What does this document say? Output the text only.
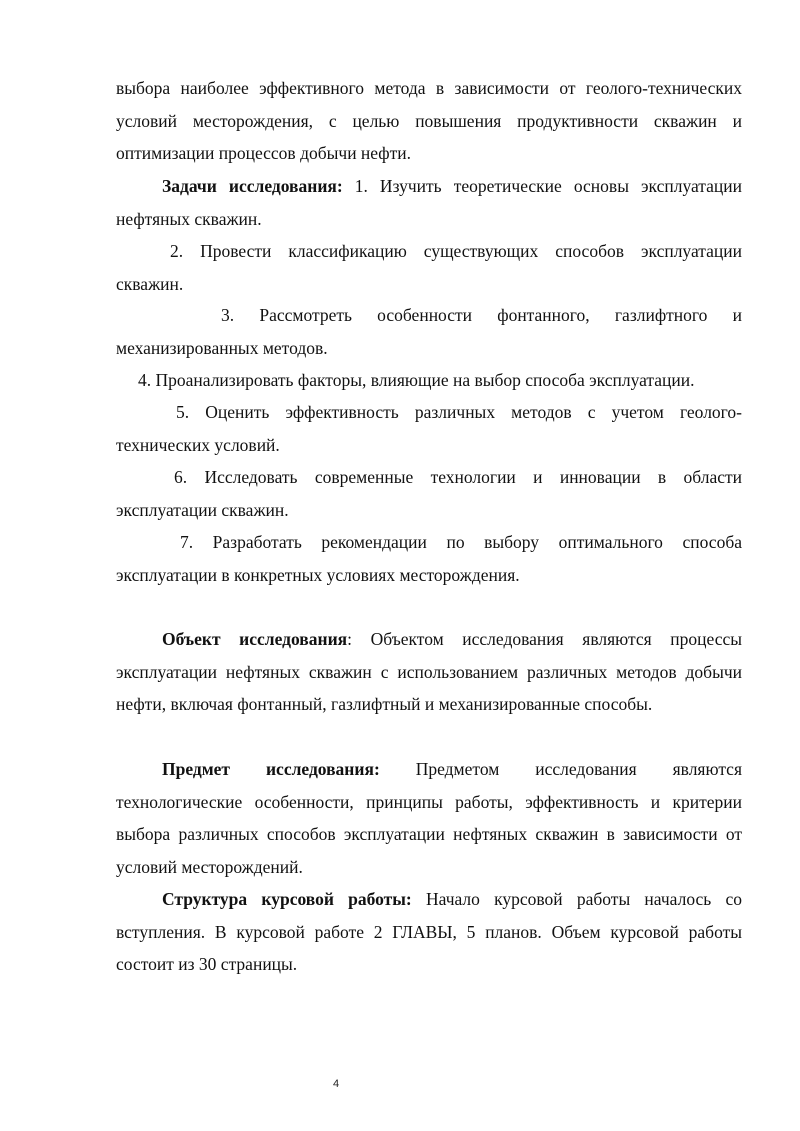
выбора наиболее эффективного метода в зависимости от геолого-технических условий месторождения, с целью повышения продуктивности скважин и оптимизации процессов добычи нефти.

Задачи исследования: 1. Изучить теоретические основы эксплуатации нефтяных скважин.

2. Провести классификацию существующих способов эксплуатации скважин.

3. Рассмотреть особенности фонтанного, газлифтного и механизированных методов.

4. Проанализировать факторы, влияющие на выбор способа эксплуатации.

5. Оценить эффективность различных методов с учетом геолого-технических условий.

6. Исследовать современные технологии и инновации в области эксплуатации скважин.

7. Разработать рекомендации по выбору оптимального способа эксплуатации в конкретных условиях месторождения.

Объект исследования: Объектом исследования являются процессы эксплуатации нефтяных скважин с использованием различных методов добычи нефти, включая фонтанный, газлифтный и механизированные способы.

Предмет исследования: Предметом исследования являются технологические особенности, принципы работы, эффективность и критерии выбора различных способов эксплуатации нефтяных скважин в зависимости от условий месторождений.

Структура курсовой работы: Начало курсовой работы началось со вступления. В курсовой работе 2 ГЛАВЫ, 5 планов. Объем курсовой работы состоит из 30 страницы.

4
